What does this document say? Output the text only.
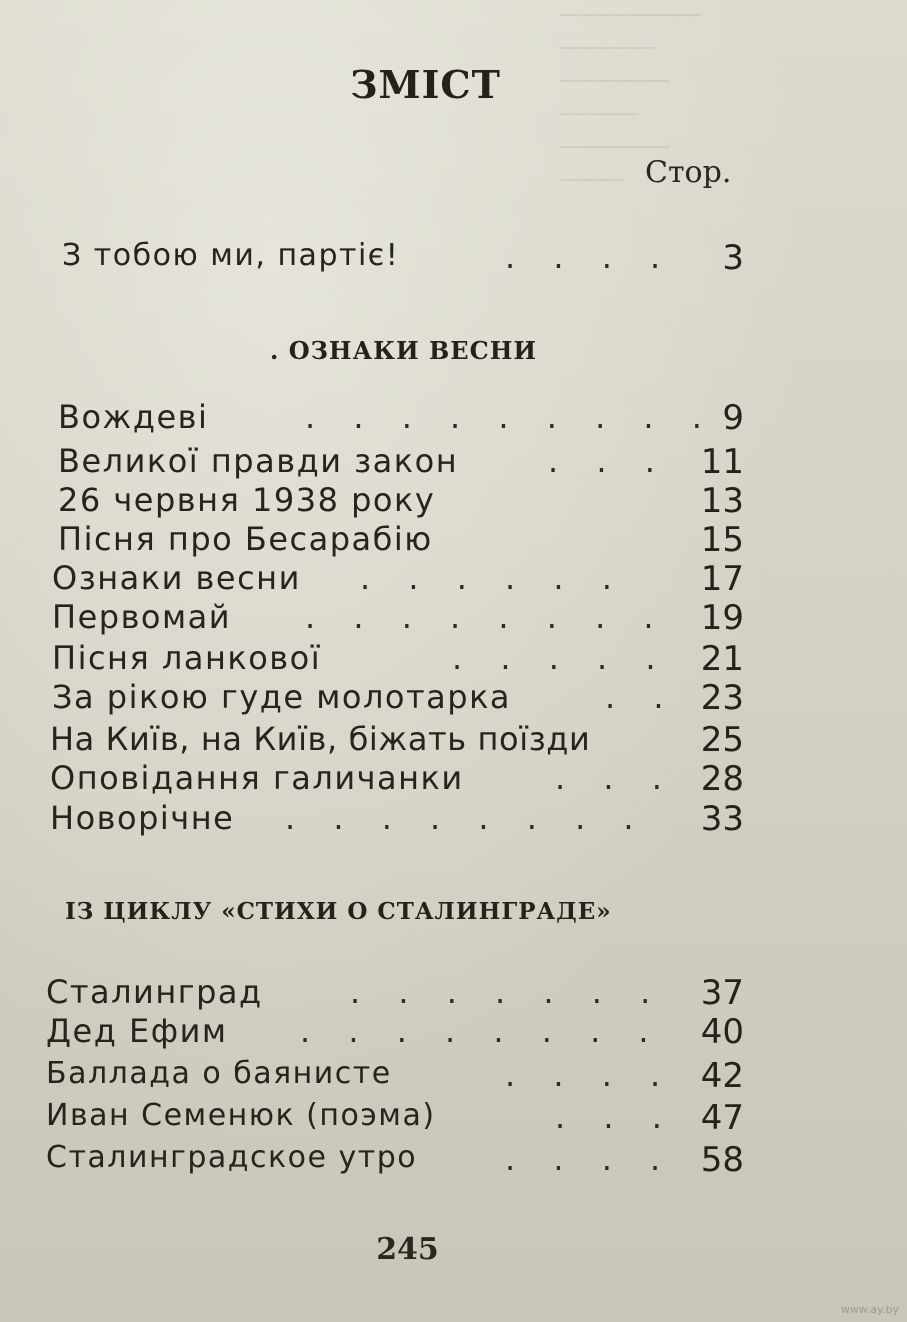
─────────
──────
───────
─────
───────
────
ЗМІСТ
Стор.
З тобою ми, партіє!	. . . . 3
. ОЗНАКИ ВЕСНИ
Вождеві	. . . . . . . . . 9
Великої правди закон	. . . 11
26 червня 1938 року	13
Пісня про Бесарабію	15
Ознаки весни . . . . . . 17
Первомай . . . . . . . . 19
Пісня ланкової	. . . . . 21
За рікою гуде молотарка	. . 23
На Київ, на Київ, біжать поїзди	25
Оповідання галичанки	. . . 28
Новорічне . . . . . . . . 33
ІЗ ЦИКЛУ «СТИХИ О СТАЛИНГРАДЕ»
Сталинград	. . . . . . . 37
Дед Ефим . . . . . . . . 40
Баллада о баянисте	. . . . 42
Иван Семенюк (поэма)	. . . 47
Сталинградское утро	. . . . 58
245
www.ay.by
